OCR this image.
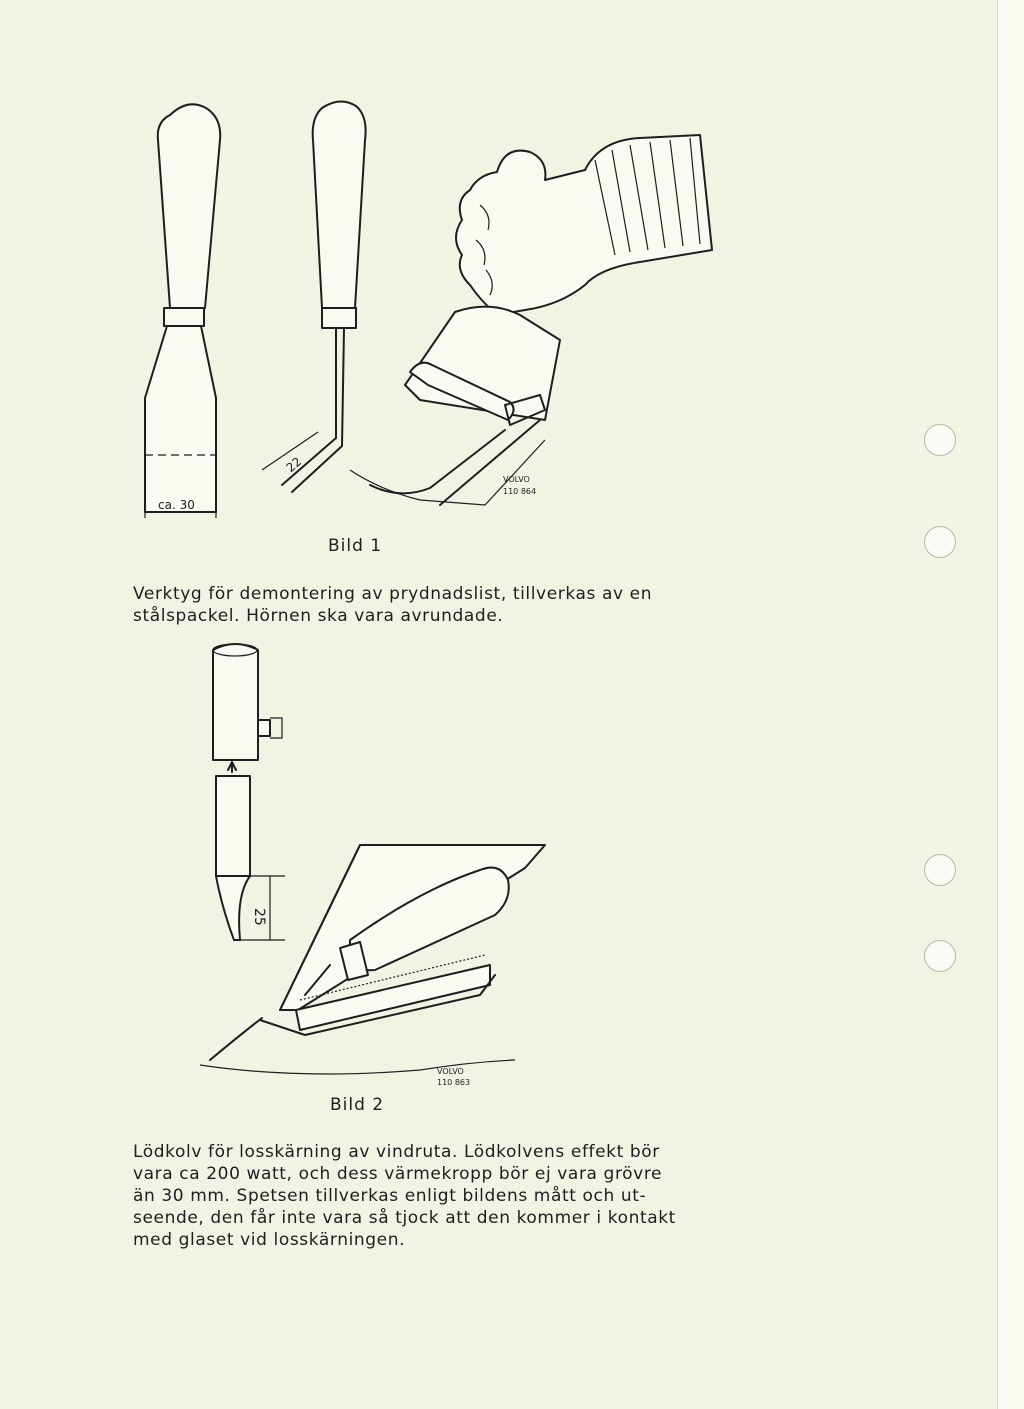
ca. 30
22
VOLVO
110 864
Bild 1
Verktyg för demontering av prydnadslist, tillverkas av en
stålspackel. Hörnen ska vara avrundade.
25
VOLVO
110 863
Bild 2
Lödkolv för losskärning av vindruta. Lödkolvens effekt bör
vara ca 200 watt, och dess värmekropp bör ej vara grövre
än 30 mm. Spetsen tillverkas enligt bildens mått och ut-
seende, den får inte vara så tjock att den kommer i kontakt
med glaset vid losskärningen.
